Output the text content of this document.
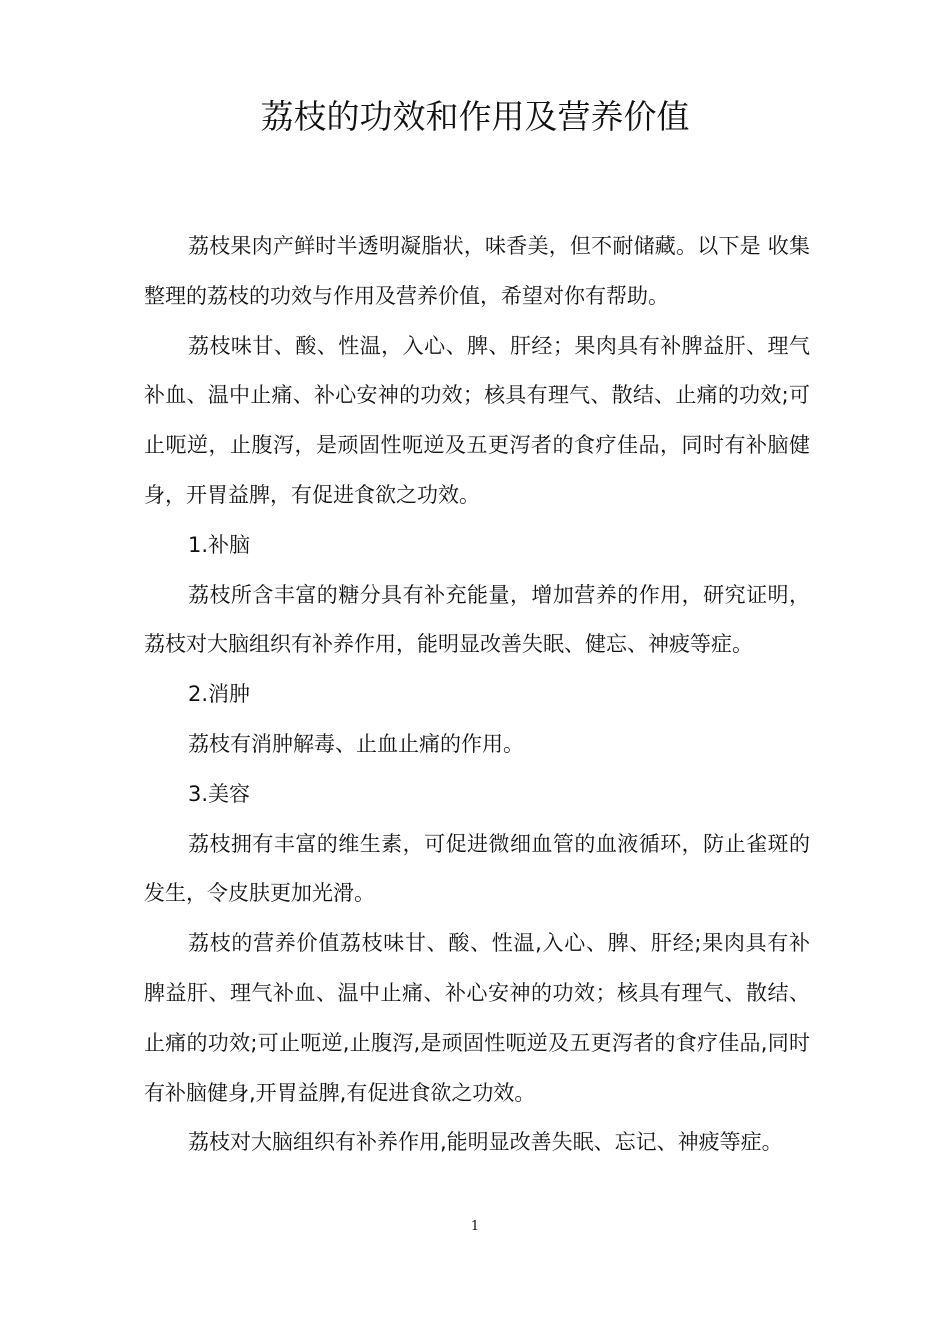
荔枝的功效和作用及营养价值

荔枝果肉产鲜时半透明凝脂状，味香美，但不耐储藏。以下是 收集整理的荔枝的功效与作用及营养价值，希望对你有帮助。

荔枝味甘、酸、性温，入心、脾、肝经；果肉具有补脾益肝、理气补血、温中止痛、补心安神的功效；核具有理气、散结、止痛的功效;可止呃逆，止腹泻，是顽固性呃逆及五更泻者的食疗佳品，同时有补脑健身，开胃益脾，有促进食欲之功效。

1.补脑

荔枝所含丰富的糖分具有补充能量，增加营养的作用，研究证明，荔枝对大脑组织有补养作用，能明显改善失眠、健忘、神疲等症。

2.消肿

荔枝有消肿解毒、止血止痛的作用。

3.美容

荔枝拥有丰富的维生素，可促进微细血管的血液循环，防止雀斑的发生，令皮肤更加光滑。

荔枝的营养价值荔枝味甘、酸、性温,入心、脾、肝经;果肉具有补脾益肝、理气补血、温中止痛、补心安神的功效；核具有理气、散结、止痛的功效;可止呃逆,止腹泻,是顽固性呃逆及五更泻者的食疗佳品,同时有补脑健身,开胃益脾,有促进食欲之功效。

荔枝对大脑组织有补养作用,能明显改善失眠、忘记、神疲等症。

1
